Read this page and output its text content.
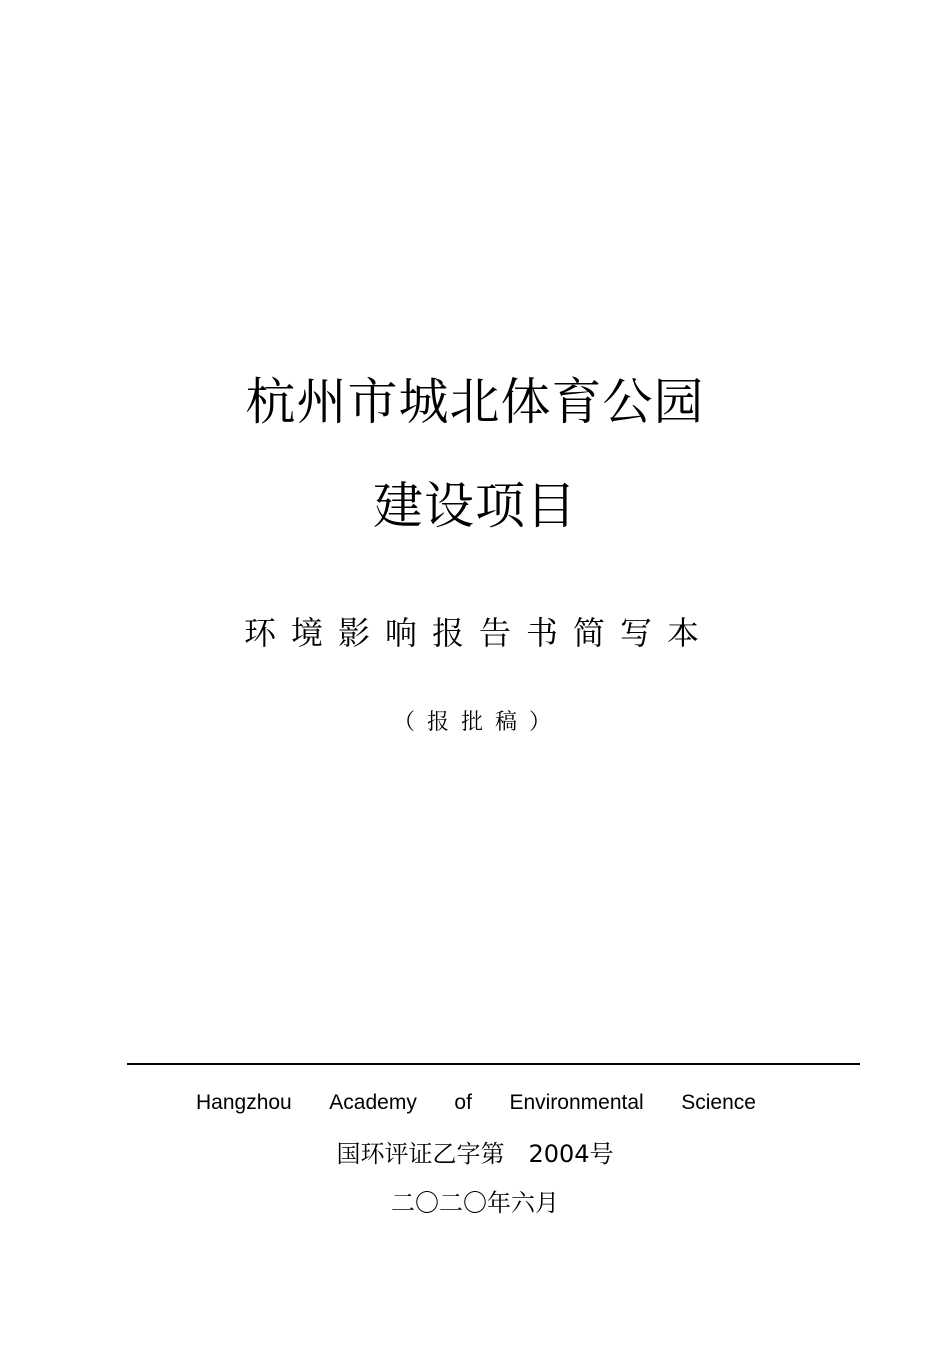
杭州市城北体育公园
建设项目
环境影响报告书简写本
（报批稿）
Hangzhou Academy of Environmental Science
国环评证乙字第　2004号
二〇二〇年六月
